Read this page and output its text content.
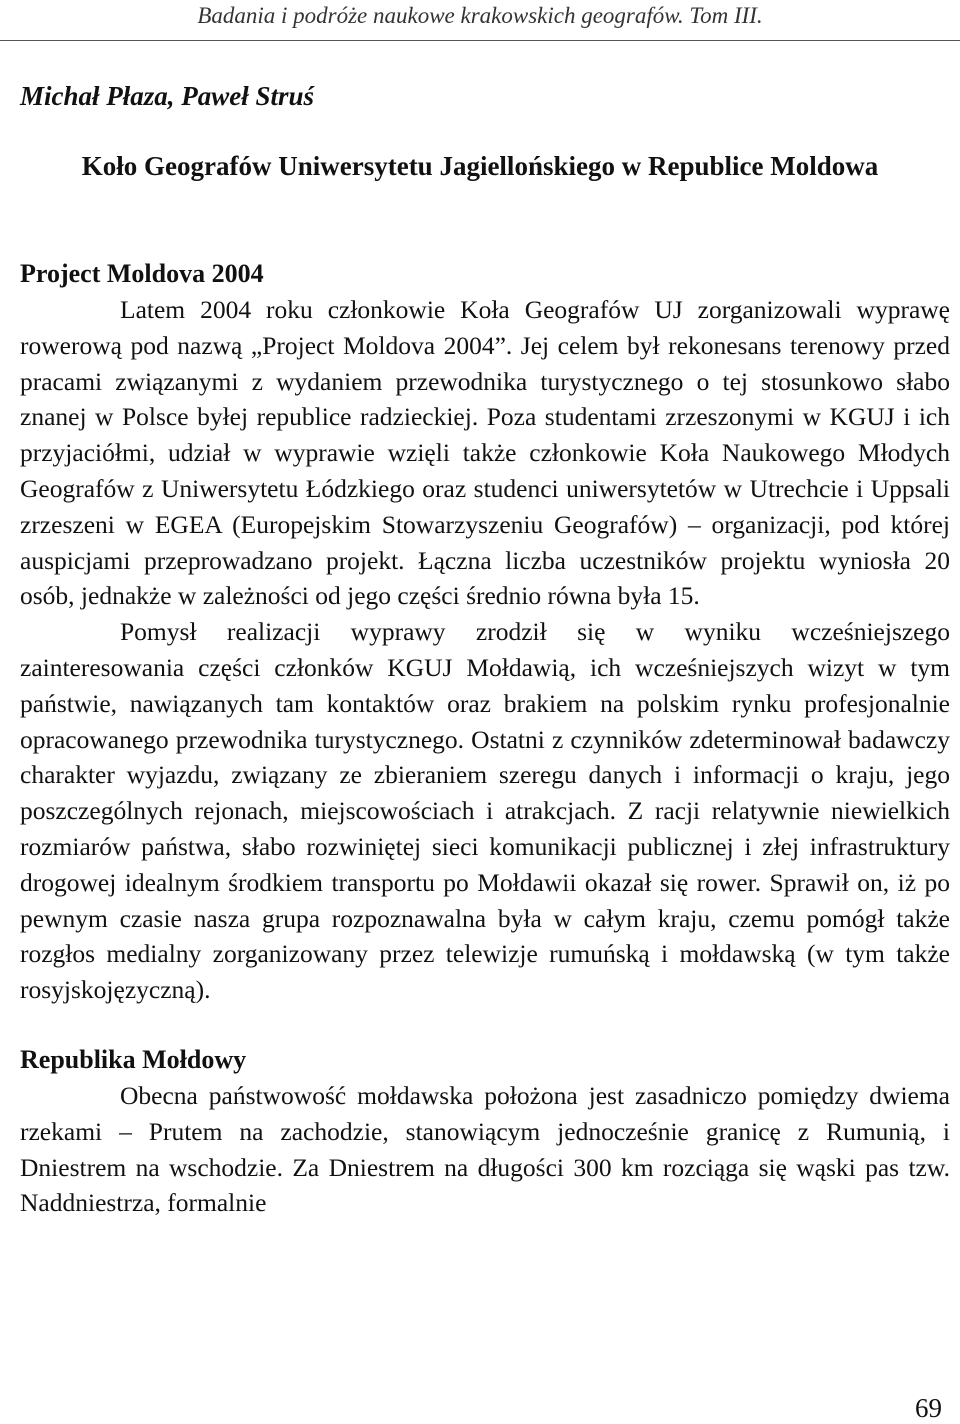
Badania i podróże naukowe krakowskich geografów. Tom III.
Michał Płaza, Paweł Struś
Koło Geografów Uniwersytetu Jagiellońskiego w Republice Moldowa
Project Moldova 2004

Latem 2004 roku członkowie Koła Geografów UJ zorganizowali wyprawę rowerową pod nazwą „Project Moldova 2004”. Jej celem był rekonesans terenowy przed pracami związanymi z wydaniem przewodnika turystycznego o tej stosunkowo słabo znanej w Polsce byłej republice radzieckiej. Poza studentami zrzeszonymi w KGUJ i ich przyjaciółmi, udział w wyprawie wzięli także członkowie Koła Naukowego Młodych Geografów z Uniwersytetu Łódzkiego oraz studenci uniwersytetów w Utrechcie i Uppsali zrzeszeni w EGEA (Europejskim Stowarzyszeniu Geografów) – organizacji, pod której auspicjami przeprowadzano projekt. Łączna liczba uczestników projektu wyniosła 20 osób, jednakże w zależności od jego części średnio równa była 15.

Pomysł realizacji wyprawy zrodził się w wyniku wcześniejszego zainteresowania części członków KGUJ Mołdawią, ich wcześniejszych wizyt w tym państwie, nawiązanych tam kontaktów oraz brakiem na polskim rynku profesjonalnie opracowanego przewodnika turystycznego. Ostatni z czynników zdeterminował badawczy charakter wyjazdu, związany ze zbieraniem szeregu danych i informacji o kraju, jego poszczególnych rejonach, miejscowościach i atrakcjach. Z racji relatywnie niewielkich rozmiarów państwa, słabo rozwiniętej sieci komunikacji publicznej i złej infrastruktury drogowej idealnym środkiem transportu po Mołdawii okazał się rower. Sprawił on, iż po pewnym czasie nasza grupa rozpoznawalna była w całym kraju, czemu pomógł także rozgłos medialny zorganizowany przez telewizje rumuńską i mołdawską (w tym także rosyjskojęzyczną).

Republika Mołdowy

Obecna państwowość mołdawska położona jest zasadniczo pomiędzy dwiema rzekami – Prutem na zachodzie, stanowiącym jednocześnie granicę z Rumunią, i Dniestrem na wschodzie. Za Dniestrem na długości 300 km rozciąga się wąski pas tzw. Naddniestrza, formalnie

69
